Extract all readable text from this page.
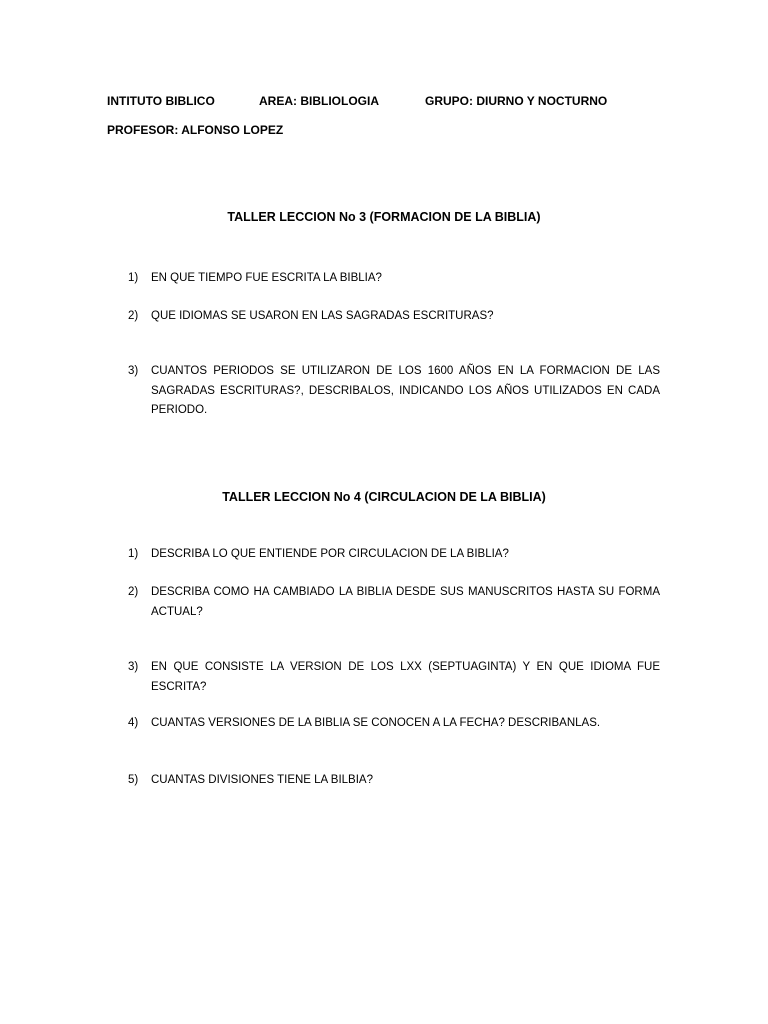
INTITUTO BIBLICO	AREA: BIBLIOLOGIA	GRUPO: DIURNO Y NOCTURNO
PROFESOR: ALFONSO LOPEZ
TALLER LECCION No 3 (FORMACION DE LA BIBLIA)
1)	EN QUE TIEMPO FUE ESCRITA LA BIBLIA?
2)	QUE IDIOMAS SE USARON EN LAS SAGRADAS ESCRITURAS?
3)	CUANTOS PERIODOS SE UTILIZARON DE LOS 1600 AÑOS EN LA FORMACION DE LAS SAGRADAS ESCRITURAS?, DESCRIBALOS, INDICANDO LOS AÑOS UTILIZADOS EN CADA PERIODO.
TALLER LECCION No 4 (CIRCULACION DE LA BIBLIA)
1)	DESCRIBA LO QUE ENTIENDE POR CIRCULACION DE LA BIBLIA?
2)	DESCRIBA COMO HA CAMBIADO LA BIBLIA DESDE SUS MANUSCRITOS HASTA SU FORMA ACTUAL?
3)	EN QUE CONSISTE LA VERSION DE LOS LXX (SEPTUAGINTA) Y EN QUE IDIOMA FUE ESCRITA?
4)	CUANTAS VERSIONES DE LA BIBLIA SE CONOCEN A LA FECHA? DESCRIBANLAS.
5)	CUANTAS DIVISIONES TIENE LA BILBIA?
